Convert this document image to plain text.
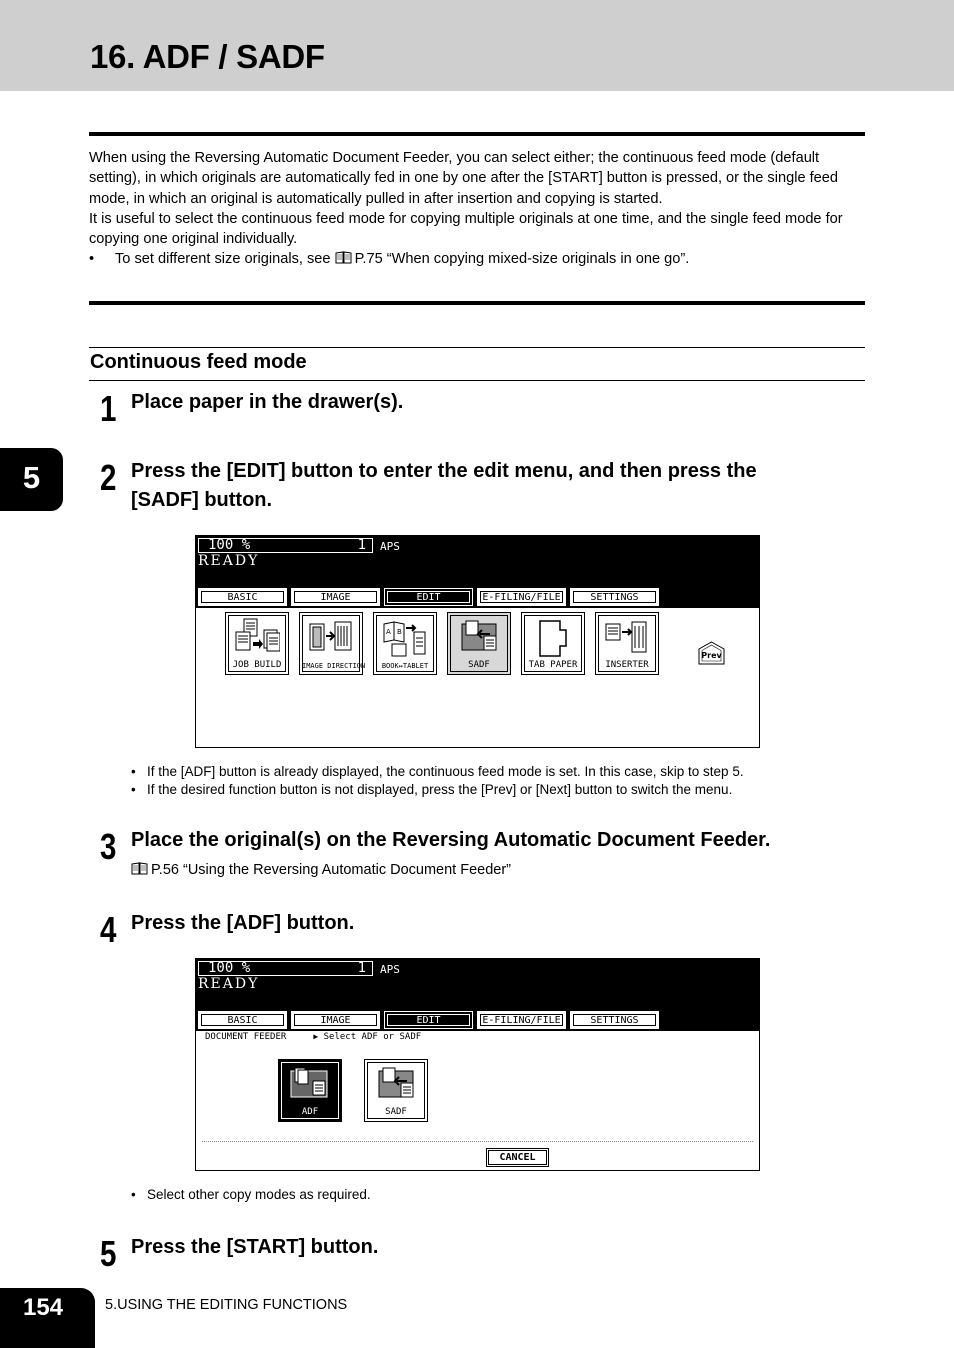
16. ADF / SADF

When using the Reversing Automatic Document Feeder, you can select either; the continuous feed mode (default setting), in which originals are automatically fed in one by one after the [START] button is pressed, or the single feed mode, in which an original is automatically pulled in after insertion and copying is started.

It is useful to select the continuous feed mode for copying multiple originals at one time, and the single feed mode for copying one original individually.

• To set different size originals, see P.75 “When copying mixed-size originals in one go”.

Continuous feed mode
5
1 Place paper in the drawer(s).
2 Press the [EDIT] button to enter the edit menu, and then press the
[SADF] button.
100 %	1 APS
READY
BASIC	IMAGE	EDIT	E-FILING/FILE	SETTINGS
JOB BUILD	IMAGE DIRECTION
A B
BOOK↔TABLET	SADF	TAB PAPER	INSERTER
Prev
• If the [ADF] button is already displayed, the continuous feed mode is set. In this case, skip to step 5.
• If the desired function button is not displayed, press the [Prev] or [Next] button to switch the menu.
3 Place the original(s) on the Reversing Automatic Document Feeder.
P.56 “Using the Reversing Automatic Document Feeder”
4 Press the [ADF] button.
100 %	1 APS
READY
BASIC	IMAGE	EDIT	E-FILING/FILE	SETTINGS
DOCUMENT FEEDER	▶ Select ADF or SADF
ADF	SADF
CANCEL
• Select other copy modes as required.
5 Press the [START] button.
154	5.USING THE EDITING FUNCTIONS
